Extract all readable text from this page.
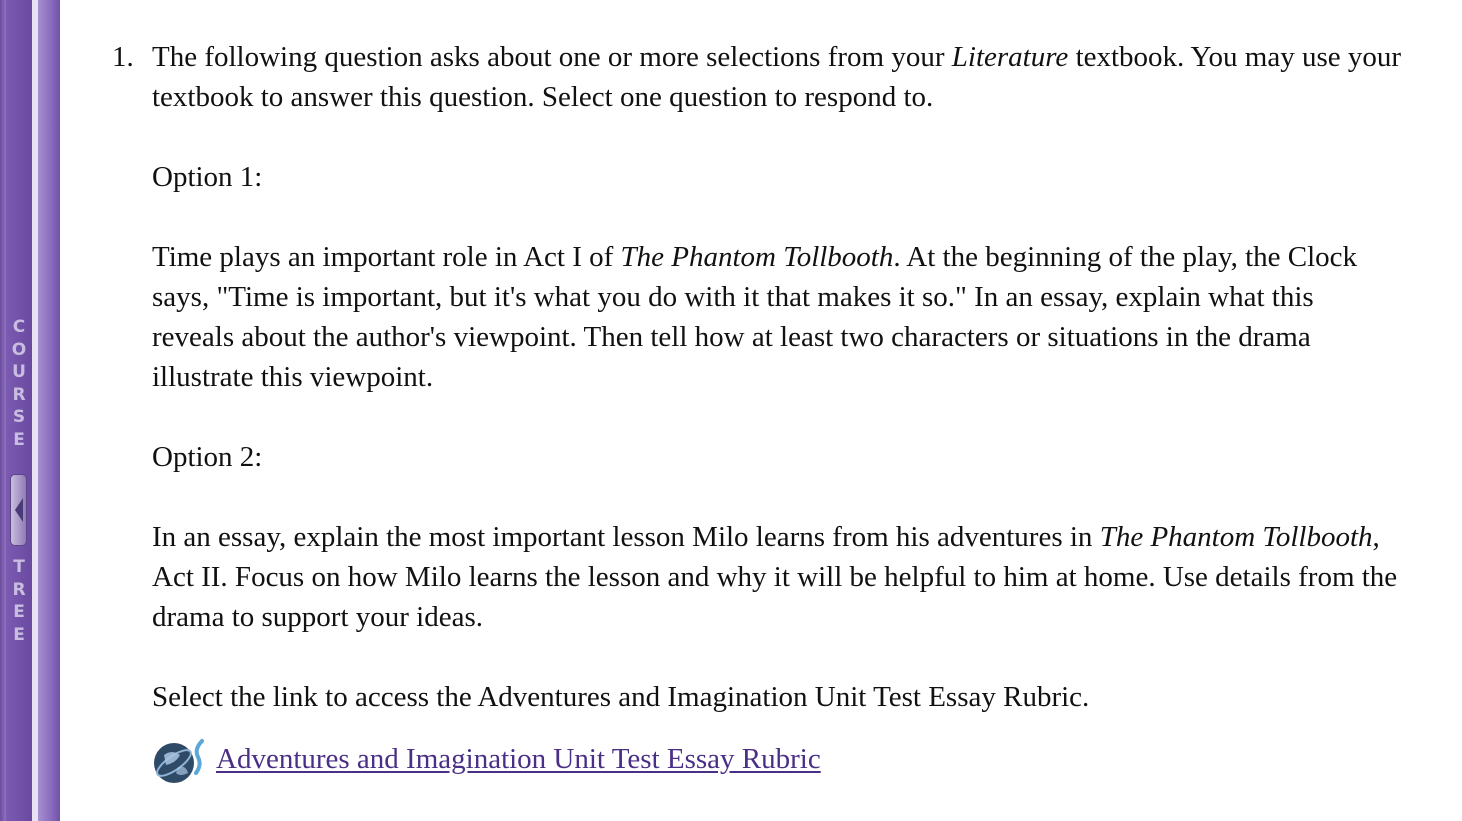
C
O
U
R
S
E
T
R
E
E
1. The following question asks about one or more selections from your Literature textbook. You may use your textbook to answer this question. Select one question to respond to.

Option 1:

Time plays an important role in Act I of The Phantom Tollbooth. At the beginning of the play, the Clock says, "Time is important, but it's what you do with it that makes it so." In an essay, explain what this reveals about the author's viewpoint. Then tell how at least two characters or situations in the drama illustrate this viewpoint.

Option 2:

In an essay, explain the most important lesson Milo learns from his adventures in The Phantom Tollbooth, Act II. Focus on how Milo learns the lesson and why it will be helpful to him at home. Use details from the drama to support your ideas.

Select the link to access the Adventures and Imagination Unit Test Essay Rubric.

Adventures and Imagination Unit Test Essay Rubric
